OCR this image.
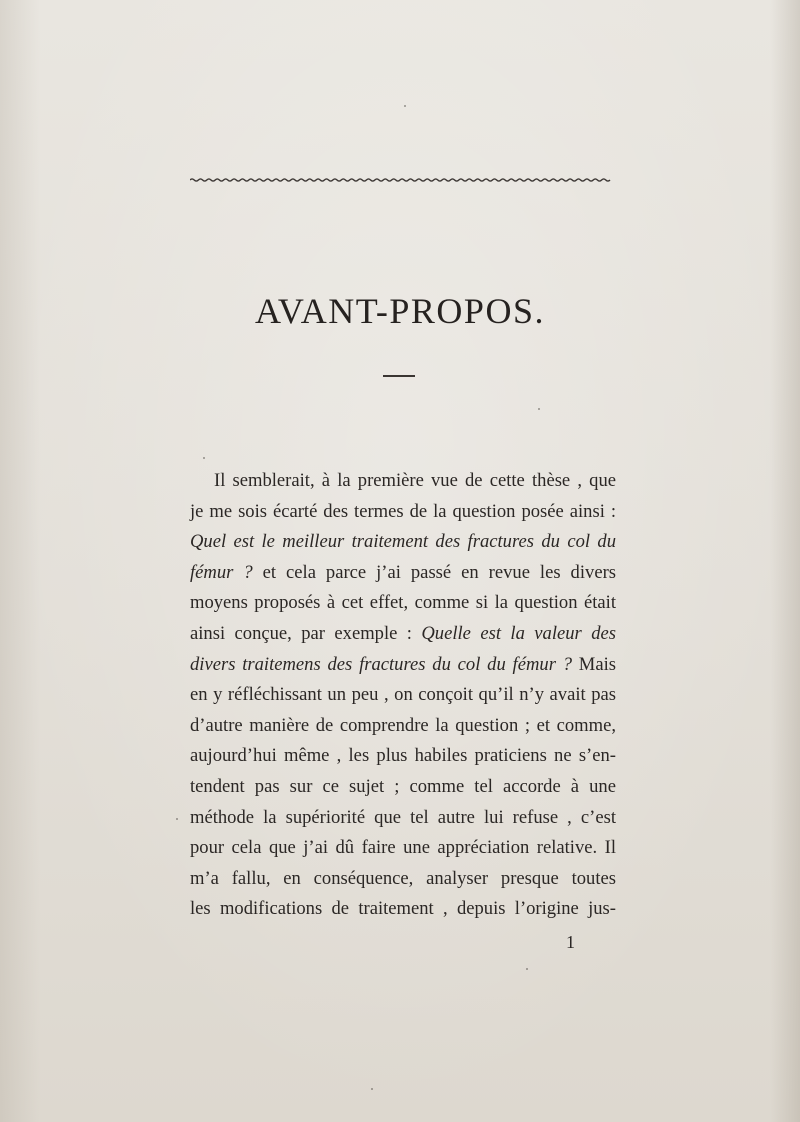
AVANT-PROPOS.
Il semblerait, à la première vue de cette thèse , que
je me sois écarté des termes de la question posée ainsi :
Quel est le meilleur traitement des fractures du col du
fémur ? et cela parce j’ai passé en revue les divers
moyens proposés à cet effet, comme si la question était
ainsi conçue, par exemple : Quelle est la valeur des
divers traitemens des fractures du col du fémur ? Mais
en y réfléchissant un peu , on conçoit qu’il n’y avait pas
d’autre manière de comprendre la question ; et comme,
aujourd’hui même , les plus habiles praticiens ne s’en-
tendent pas sur ce sujet ; comme tel accorde à une
méthode la supériorité que tel autre lui refuse , c’est
pour cela que j’ai dû faire une appréciation relative. Il
m’a fallu, en conséquence, analyser presque toutes
les modifications de traitement , depuis l’origine jus-
1
